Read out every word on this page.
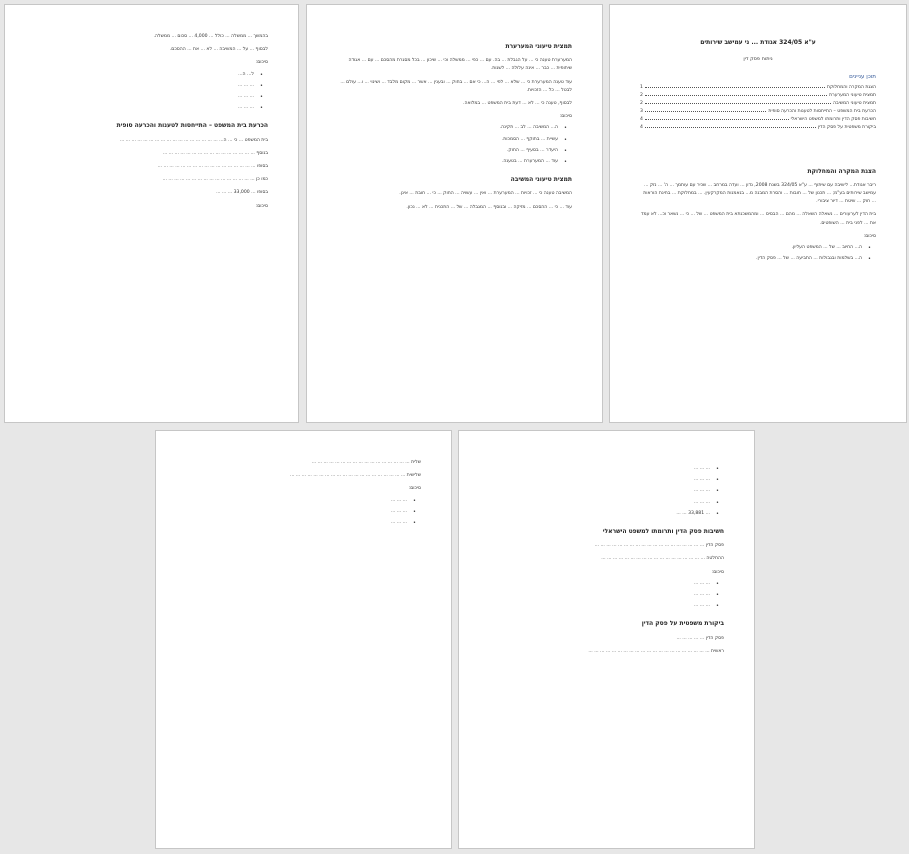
ע"א 324/05 אגודת ... ני עמישב שירותים
ניתוח פסק דין
תוכן עניינים
הצגת המקרה והמחלוקת
1
תמצית טיעוני המערערת
2
תמצית טיעוני המשיבה
2
הכרעת בית המשפט – התייחסות לטענות והכרעה סופית
3
חשיבות פסק הדין ותרומתו למשפט הישראלי
4
ביקורת משפטית על פסק הדין
4
הצגת המקרה והמחלוקת

ריבר אגודת... לישיבה עם שיתוף ... ע"א 324/05 בשנת 2008, נדון ... ועדה במרחב ... שכיר עם עותמך ... ה' ... נזק ... עמישב שירותים בע"מ; ... תכנון של ... חובות ... והסרת המבנה מ... בנאמנות המקרקעין. ... במחלוקת ... בחינת הוראות ... חוק ... שיטת ... דיור ציבורי.

בית הדין לערעורים ... נשאלה השאלה ... מהם ... הבסיס ... ומהמשכנתא בית המשפט ... של ... כי ... נשאר וכ... לא עמד את ... לפני בית ... השופטים.

סיכום:
• ה... החיוב ... של ... המשפט העליון.
• ה... בשלמות ובגבולות ... התביעה ... של ... פסק הדין.
תמצית טיעוני המערערת

המערערת טענה כי ... על הגבלת ... בה. עם ... כפי ... ממשלה וכי ... שיכון ... בכל מסגרת מהסכם ... עם ... אגודה שיתופית ... כבר ... אינה עלולה ... לשנות.

עוד טענה המערערת כי ... שלא ... לפי ... ה... כי אם ... בחוק ... ובענין ... אשר ... מקום מלבד ... ושינוי ... ו... עולם ... לבטל ... כל ... הזכויות.

לבסוף, טענה כי ... לא ... דעת בית המשפט ... במלואה.

סיכום:
• ה... המשיבה ... לב ... תקינה.
• עשיית ... בתוקף ... הסמכות.
• היעדר ... בסעיף ... החוק.
• עוד ... המערערת ... בטענה.
תמצית טיעוני המשיבה

המשיבה טענה כי ... זכויות ... המערערת ... ואין ... עשויה ... החוק ... כי ... חובת ... אינן.

עוד ... כי ... ההסכם ... מזיקה ... ובנוסף ... המגבלה ... של ... התכנית ... לא ... נכון.

בהמשך ... ממשלה ... כולל ... 4,000 ... סכום ... ממשלה.

לבסוף ... על ... המשיבה ... לא ... את ... ההסכם.

סיכום:
• ל... ה...
• ... ... ...
• ... ... ...
• ... ... ...
הכרעת בית המשפט – התייחסות לטענות והכרעה סופית

בית המשפט ... כי ... ה... ... ... ... ... ... ... ... ... ... ... ... ... ... ... ... ... ...

בנוסף ... ... ... ... ... ... ... ... ... ... ... ... ... ... ... ...

בסופו ... ... ... ... ... ... ... ... ... ... ... ... ... ... ... ... ...

כמו כן ... ... ... ... ... ... ... ... ... ... ... ... ... ... ... ...

בסופו ... 33,000 ... ... ...

סיכום:
• ... ... ...
• ... ... ...
• ... ... ...
• ... ... ...
• ... 33,881 ... ...
חשיבות פסק הדין ותרומתו למשפט הישראלי

פסק הדין ... ... ... ... ... ... ... ... ... ... ... ... ... ... ... ... ... ... ...

ההחלטה ... ... ... ... ... ... ... ... ... ... ... ... ... ... ... ... ... ...

סיכום:
• ... ... ...
• ... ... ...
• ... ... ...
ביקורת משפטית על פסק הדין

פסק הדין ... ... ... ... ...

ראשית ... ... ... ... ... ... ... ... ... ... ... ... ... ... ... ... ... ... ... ... ...

שלית ... ... ... ... ... ... ... ... ... ... ... ... ... ... ... ... ...

שלישית ... ... ... ... ... ... ... ... ... ... ... ... ... ... ... ... ... ... ... ...

סיכום:
• ... ... ...
• ... ... ...
• ... ... ...
